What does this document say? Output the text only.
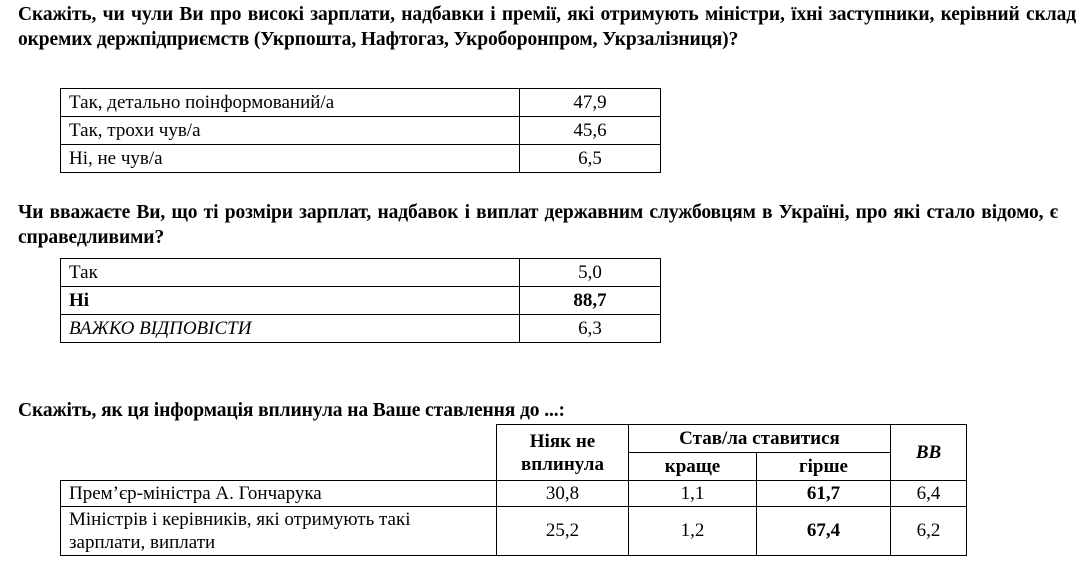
Скажіть, чи чули Ви про високі зарплати, надбавки і премії, які отримують міністри, їхні заступники, керівний склад окремих держпідприємств (Укрпошта, Нафтогаз, Укроборонпром, Укрзалізниця)?
Так, детально поінформований/а	47,9
Так, трохи чув/а	45,6
Ні, не чув/а	6,5
Чи вважаєте Ви, що ті розміри зарплат, надбавок і виплат державним службовцям в Україні, про які стало відомо, є справедливими?
Так	5,0
Ні	88,7
ВАЖКО ВІДПОВІСТИ	6,3
Скажіть, як ця інформація вплинула на Ваше ставлення до ...:
	Ніяк не вплинула	Став/ла ставитися		ВВ
		краще	гірше	
Прем’єр-міністра А. Гончарука	30,8	1,1	61,7	6,4
Міністрів і керівників, які отримують такі зарплати, виплати	25,2	1,2	67,4	6,2
